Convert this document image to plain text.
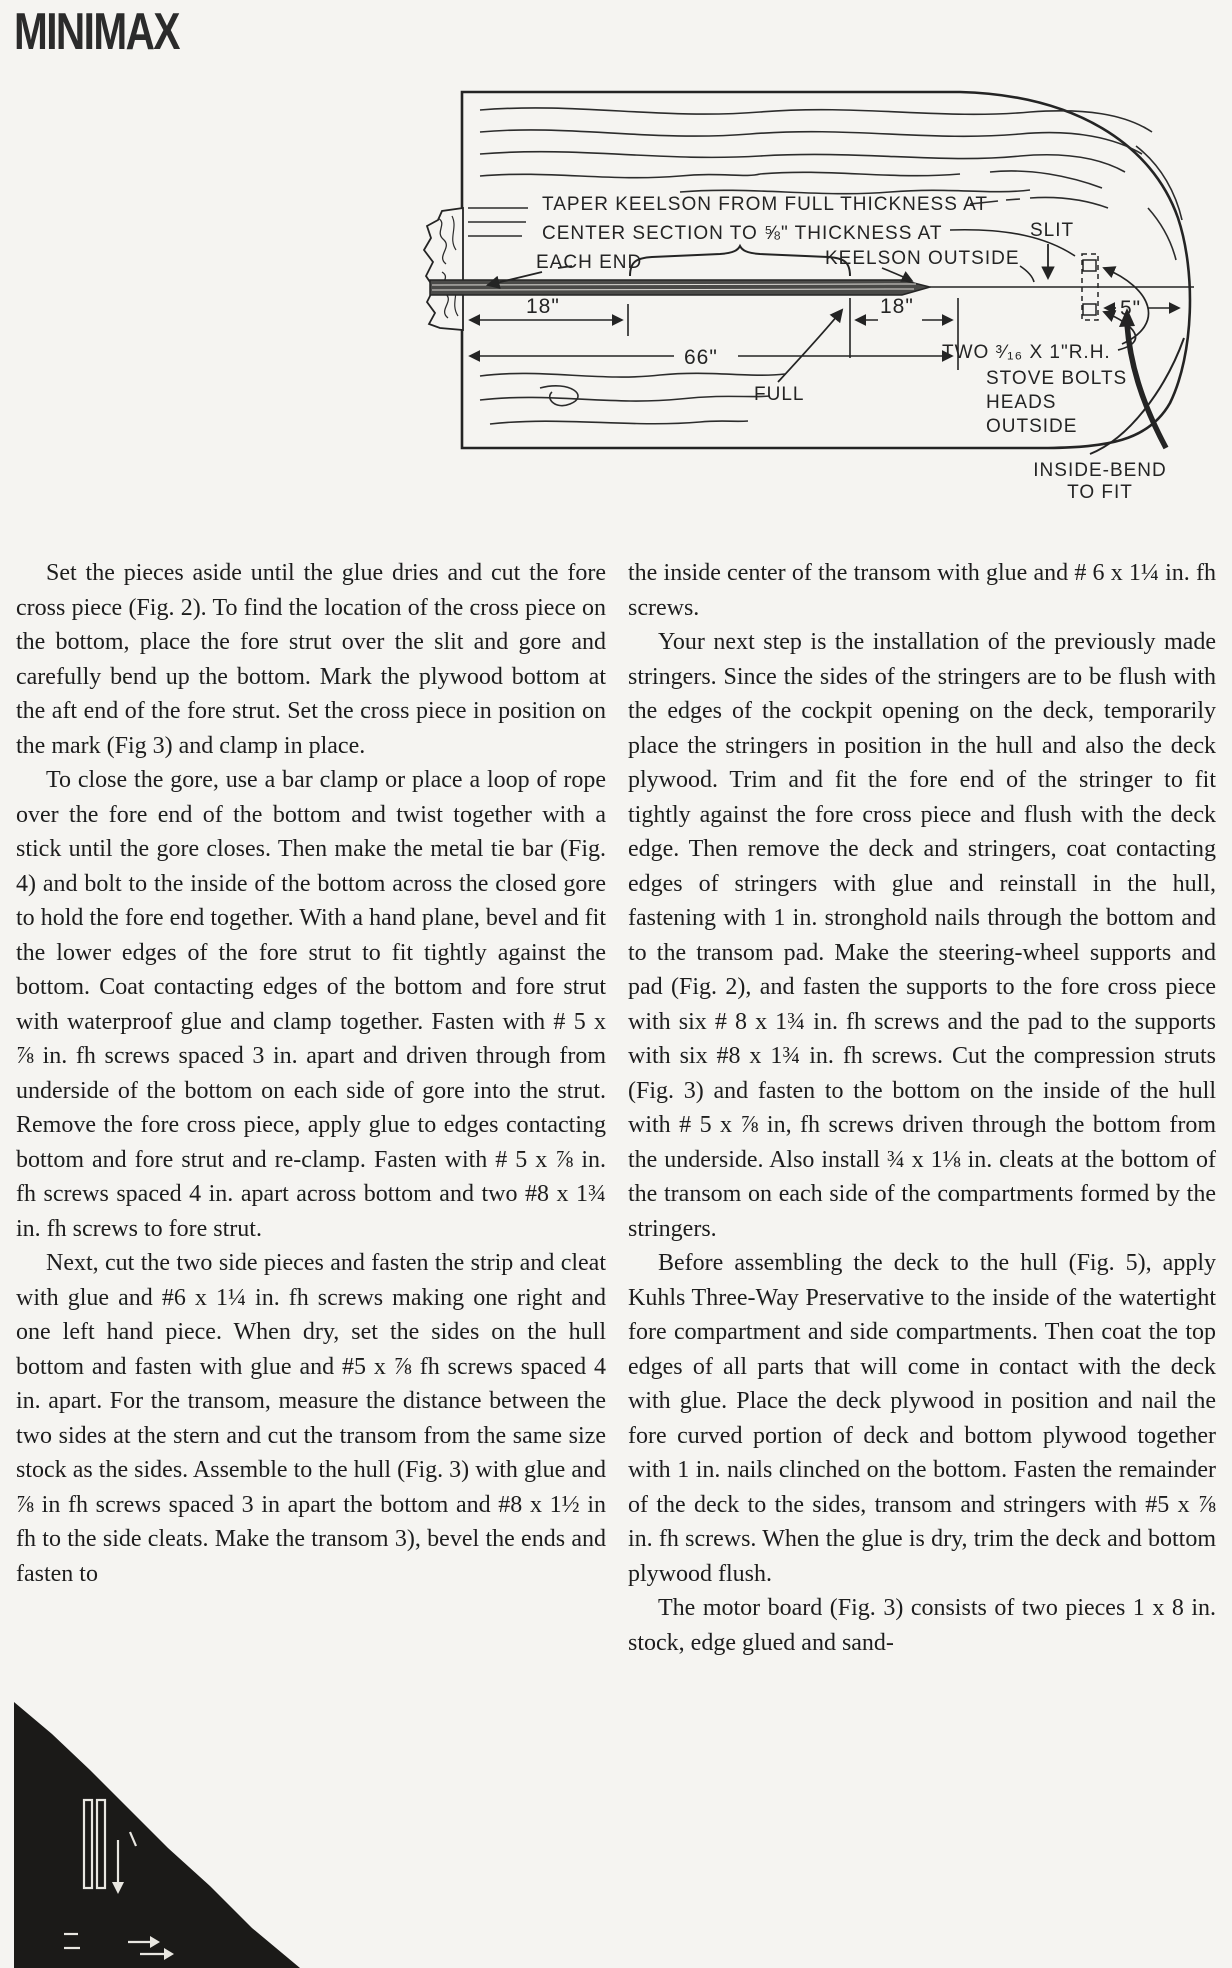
MINIMAX
TAPER KEELSON FROM FULL THICKNESS AT
CENTER SECTION TO ⅝" THICKNESS AT
EACH END	KEELSON OUTSIDE
SLIT
18"	18"
66"
5"
FULL
TWO ³⁄₁₆ X 1"R.H.
STOVE BOLTS
HEADS
OUTSIDE
INSIDE-BEND
TO FIT

Set the pieces aside until the glue dries and cut the fore cross piece (Fig. 2). To find the location of the cross piece on the bottom, place the fore strut over the slit and gore and carefully bend up the bottom. Mark the plywood bottom at the aft end of the fore strut. Set the cross piece in position on the mark (Fig 3) and clamp in place.

To close the gore, use a bar clamp or place a loop of rope over the fore end of the bottom and twist together with a stick until the gore closes. Then make the metal tie bar (Fig. 4) and bolt to the inside of the bottom across the closed gore to hold the fore end together. With a hand plane, bevel and fit the lower edges of the fore strut to fit tightly against the bottom. Coat contacting edges of the bottom and fore strut with waterproof glue and clamp together. Fasten with # 5 x ⅞ in. fh screws spaced 3 in. apart and driven through from underside of the bottom on each side of gore into the strut. Remove the fore cross piece, apply glue to edges contacting bottom and fore strut and re-clamp. Fasten with # 5 x ⅞ in. fh screws spaced 4 in. apart across bottom and two #8 x 1¾ in. fh screws to fore strut.

Next, cut the two side pieces and fasten the strip and cleat with glue and #6 x 1¼ in. fh screws making one right and one left hand piece. When dry, set the sides on the hull bottom and fasten with glue and #5 x ⅞ fh screws spaced 4 in. apart. For the transom, measure the distance between the two sides at the stern and cut the transom from the same size stock as the sides. Assemble to the hull (Fig. 3) with glue and ⅞ in fh screws spaced 3 in apart the bottom and #8 x 1½ in fh to the side cleats. Make the transom 3), bevel the ends and fasten to

the inside center of the transom with glue and # 6 x 1¼ in. fh screws.

Your next step is the installation of the previously made stringers. Since the sides of the stringers are to be flush with the edges of the cockpit opening on the deck, temporarily place the stringers in position in the hull and also the deck plywood. Trim and fit the fore end of the stringer to fit tightly against the fore cross piece and flush with the deck edge. Then remove the deck and stringers, coat contacting edges of stringers with glue and reinstall in the hull, fastening with 1 in. stronghold nails through the bottom and to the transom pad. Make the steering-wheel supports and pad (Fig. 2), and fasten the supports to the fore cross piece with six # 8 x 1¾ in. fh screws and the pad to the supports with six #8 x 1¾ in. fh screws. Cut the compression struts (Fig. 3) and fasten to the bottom on the inside of the hull with # 5 x ⅞ in, fh screws driven through the bottom from the underside. Also install ¾ x 1⅛ in. cleats at the bottom of the transom on each side of the compartments formed by the stringers.

Before assembling the deck to the hull (Fig. 5), apply Kuhls Three-Way Preservative to the inside of the watertight fore compartment and side compartments. Then coat the top edges of all parts that will come in contact with the deck with glue. Place the deck plywood in position and nail the fore curved portion of deck and bottom plywood together with 1 in. nails clinched on the bottom. Fasten the remainder of the deck to the sides, transom and stringers with #5 x ⅞ in. fh screws. When the glue is dry, trim the deck and bottom plywood flush.

The motor board (Fig. 3) consists of two pieces 1 x 8 in. stock, edge glued and sand-
